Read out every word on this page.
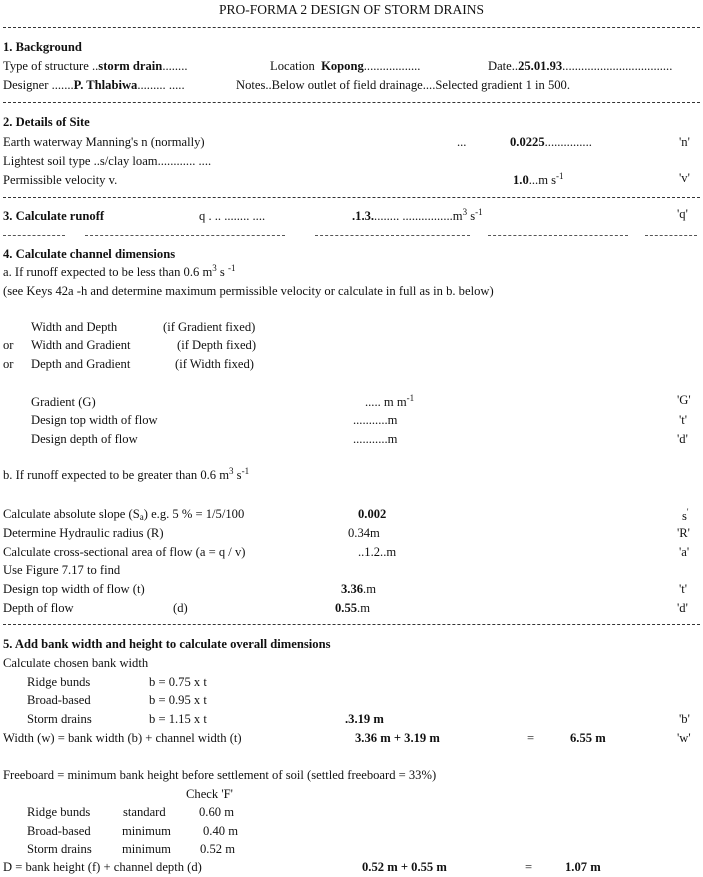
PRO-FORMA 2 DESIGN OF STORM DRAINS
1. Background
Type of structure ..storm drain........	Location Kopong..................	Date..25.01.93...................................
Designer .......P. Thlabiwa......... .....	Notes..Below outlet of field drainage....Selected gradient 1 in 500.
2. Details of Site
Earth waterway Manning's n (normally)	...	0.0225...............	'n'
Lightest soil type ..s/clay loam............ ....
Permissible velocity v.	1.0...m $s^{-1}$	'v'
3. Calculate runoff	q . .. ........ ....	.1.3......... $................m^3$ $s^{-1}$	'q'
4. Calculate channel dimensions
a. If runoff expected to be less than 0.6 $m^3$ s $^{-1}$
(see Keys 42a -h and determine maximum permissible velocity or calculate in full as in b. below)
Width and Depth	(if Gradient fixed)
or Width and Gradient	(if Depth fixed)
or Depth and Gradient	(if Width fixed)
Gradient (G)	..... m $m^{-1}$	'G'
Design top width of flow	...........m	't'
Design depth of flow	...........m	'd'
b. If runoff expected to be greater than 0.6 $m^3$ $s^{-1}$
Calculate absolute slope $(S_a)$ e.g. 5 % = 1/5/100	0.002	s'
Determine Hydraulic radius (R)	0.34m	'R'
Calculate cross-sectional area of flow (a = q / v)	..1.2..m	'a'
Use Figure 7.17 to find
Design top width of flow (t)	3.36.m	't'
Depth of flow	(d)	0.55.m	'd'
5. Add bank width and height to calculate overall dimensions
Calculate chosen bank width
Ridge bunds	b = 0.75 x t
Broad-based	b = 0.95 x t
Storm drains	b = 1.15 x t	.3.19 m	'b'
Width (w) = bank width (b) + channel width (t)	3.36 m + 3.19 m	=	6.55 m	'w'
Freeboard = minimum bank height before settlement of soil (settled freeboard = 33%)
Check 'F'
Ridge bunds	standard	0.60 m
Broad-based minimum	0.40 m
Storm drains minimum 0.52 m
D = bank height (f) + channel depth (d)	0.52 m + 0.55 m	=	1.07 m
